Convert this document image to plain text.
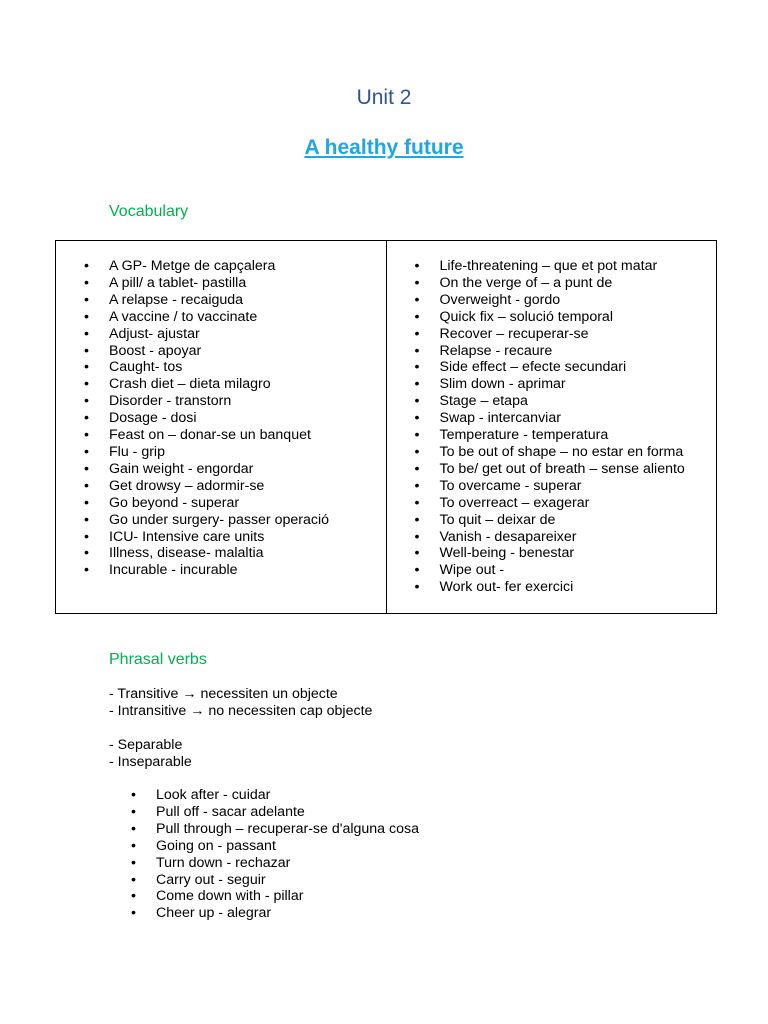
Unit 2
A healthy future
Vocabulary
• A GP- Metge de capçalera
• A pill/ a tablet- pastilla
• A relapse - recaiguda
• A vaccine / to vaccinate
• Adjust- ajustar
• Boost - apoyar
• Caught- tos
• Crash diet – dieta milagro
• Disorder - transtorn
• Dosage - dosi
• Feast on – donar-se un banquet
• Flu - grip
• Gain weight - engordar
• Get drowsy – adormir-se
• Go beyond - superar
• Go under surgery- passer operació
• ICU- Intensive care units
• Illness, disease- malaltia
• Incurable - incurable
• Life-threatening – que et pot matar
• On the verge of – a punt de
• Overweight - gordo
• Quick fix – solució temporal
• Recover – recuperar-se
• Relapse - recaure
• Side effect – efecte secundari
• Slim down - aprimar
• Stage – etapa
• Swap - intercanviar
• Temperature - temperatura
• To be out of shape – no estar en forma
• To be/ get out of breath – sense aliento
• To overcame - superar
• To overreact – exagerar
• To quit – deixar de
• Vanish - desapareixer
• Well-being - benestar
• Wipe out -
• Work out- fer exercici
Phrasal verbs
- Transitive → necessiten un objecte
- Intransitive → no necessiten cap objecte
- Separable
- Inseparable
• Look after - cuidar
• Pull off - sacar adelante
• Pull through – recuperar-se d'alguna cosa
• Going on - passant
• Turn down - rechazar
• Carry out - seguir
• Come down with - pillar
• Cheer up - alegrar
